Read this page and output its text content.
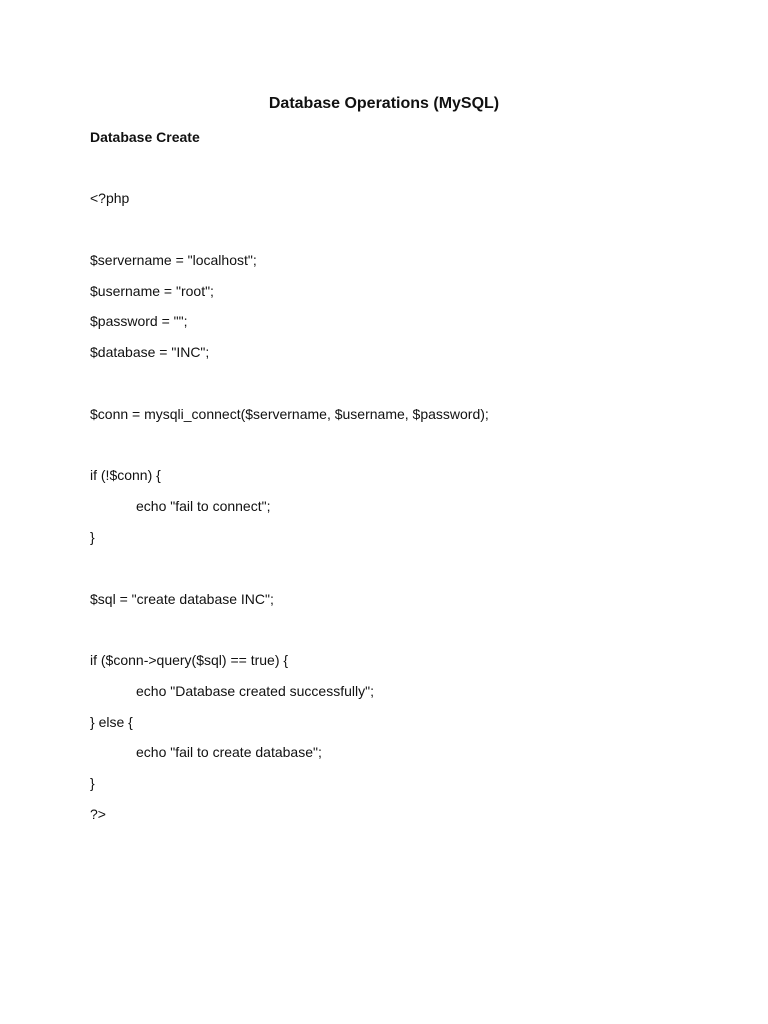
Database Operations (MySQL)
Database Create
<?php
$servername = "localhost";
$username = "root";
$password = "";
$database = "INC";
$conn = mysqli_connect($servername, $username, $password);
if (!$conn) {
echo "fail to connect";
}
$sql = "create database INC";
if ($conn->query($sql) == true) {
echo "Database created successfully";
} else {
echo "fail to create database";
}
?>
